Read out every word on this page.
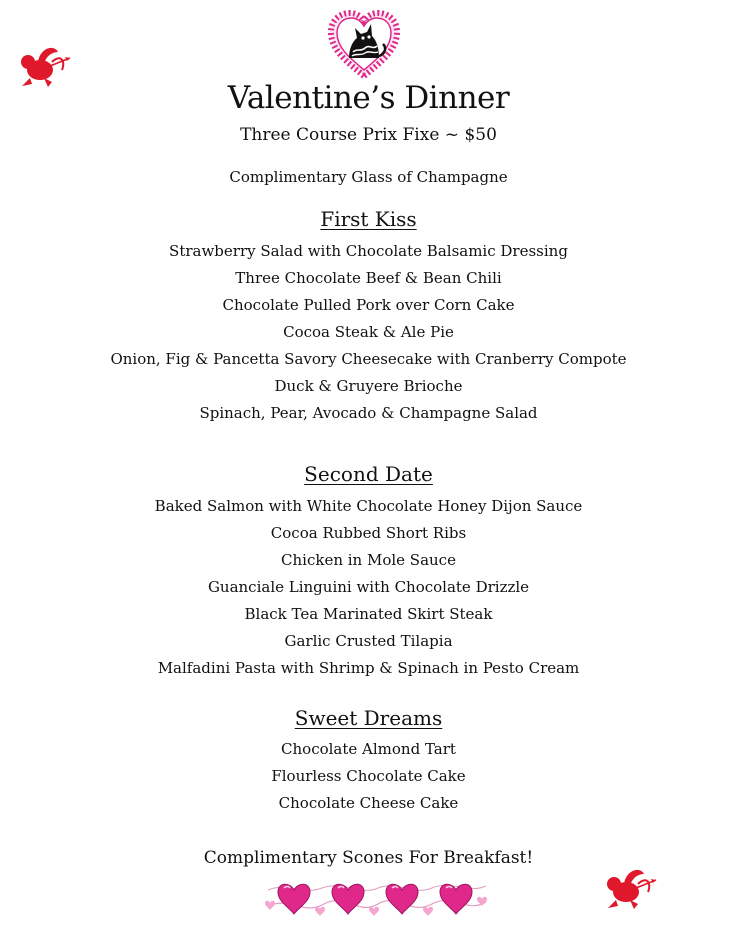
Valentine’s Dinner
Three Course Prix Fixe ~ $50
Complimentary Glass of Champagne
First Kiss
Strawberry Salad with Chocolate Balsamic Dressing
Three Chocolate Beef & Bean Chili
Chocolate Pulled Pork over Corn Cake
Cocoa Steak & Ale Pie
Onion, Fig & Pancetta Savory Cheesecake with Cranberry Compote
Duck & Gruyere Brioche
Spinach, Pear, Avocado & Champagne Salad
Second Date
Baked Salmon with White Chocolate Honey Dijon Sauce
Cocoa Rubbed Short Ribs
Chicken in Mole Sauce
Guanciale Linguini with Chocolate Drizzle
Black Tea Marinated Skirt Steak
Garlic Crusted Tilapia
Malfadini Pasta with Shrimp & Spinach in Pesto Cream
Sweet Dreams
Chocolate Almond Tart
Flourless Chocolate Cake
Chocolate Cheese Cake
Complimentary Scones For Breakfast!
